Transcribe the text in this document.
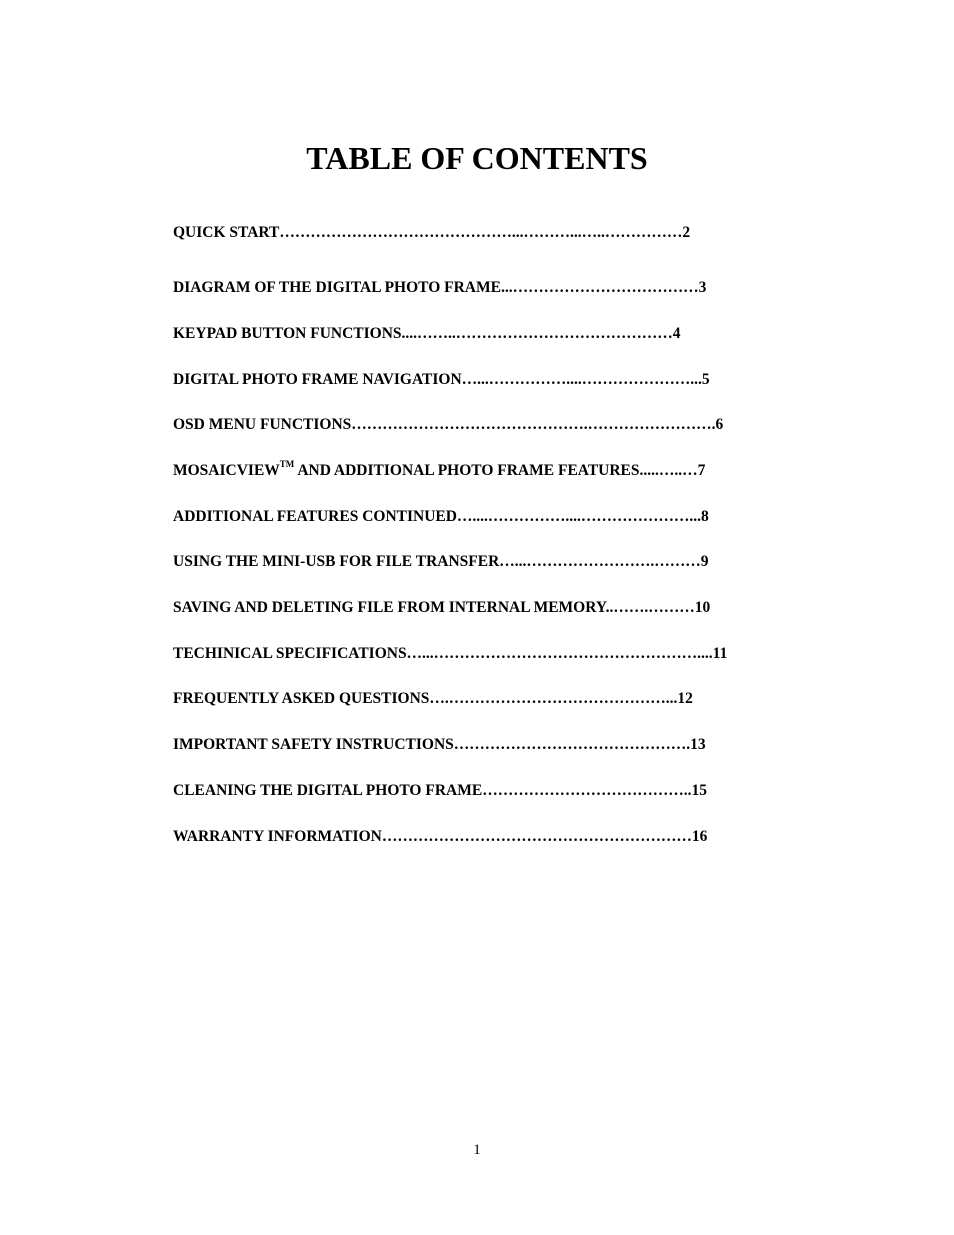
TABLE OF CONTENTS
QUICK START………………………………………...………...…..……………2
DIAGRAM OF THE DIGITAL PHOTO FRAME...………………………………3
KEYPAD BUTTON FUNCTIONS....……..……………………………………4
DIGITAL PHOTO FRAME NAVIGATION…...……………....…………………...5
OSD MENU FUNCTIONS……………………………………….…………………….6
MOSAICVIEW™ AND ADDITIONAL PHOTO FRAME FEATURES.....…..…7
ADDITIONAL FEATURES CONTINUED…....……………....…………………...8
USING THE MINI-USB FOR FILE TRANSFER…...…………………….………9
SAVING AND DELETING FILE FROM INTERNAL MEMORY..…….………10
TECHINICAL SPECIFICATIONS…...……………………………………………....11
FREQUENTLY ASKED QUESTIONS….……………………………………...12
IMPORTANT SAFETY INSTRUCTIONS……………………………………….13
CLEANING THE DIGITAL PHOTO FRAME…………………………………..15
WARRANTY INFORMATION……………………………………………………16
1
